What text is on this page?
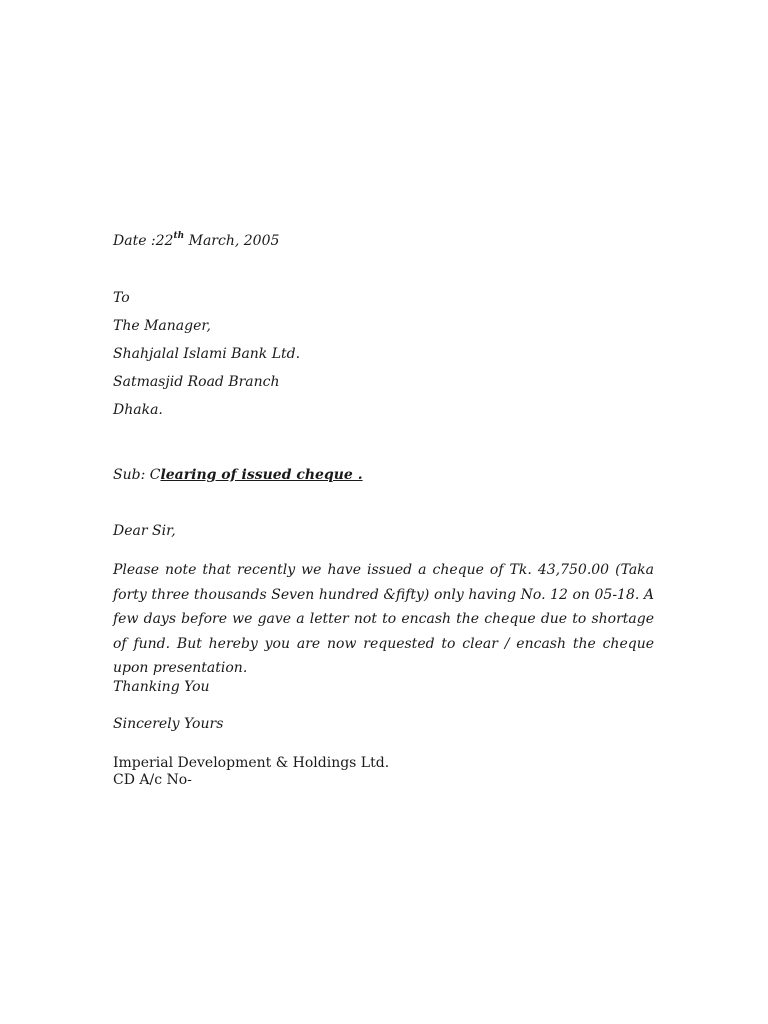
Date :22th March, 2005
To
The Manager,
Shahjalal Islami Bank Ltd.
Satmasjid Road Branch
Dhaka.
Sub: Clearing of issued cheque .
Dear Sir,
Please note that recently we have issued a cheque of Tk. 43,750.00 (Taka forty three thousands Seven hundred &fifty) only having No. 12 on 05-18. A few days before we gave a letter not to encash the cheque due to shortage of fund. But hereby you are now requested to clear / encash the cheque upon presentation.
Thanking You
Sincerely Yours
Imperial Development & Holdings Ltd.
CD A/c No-
